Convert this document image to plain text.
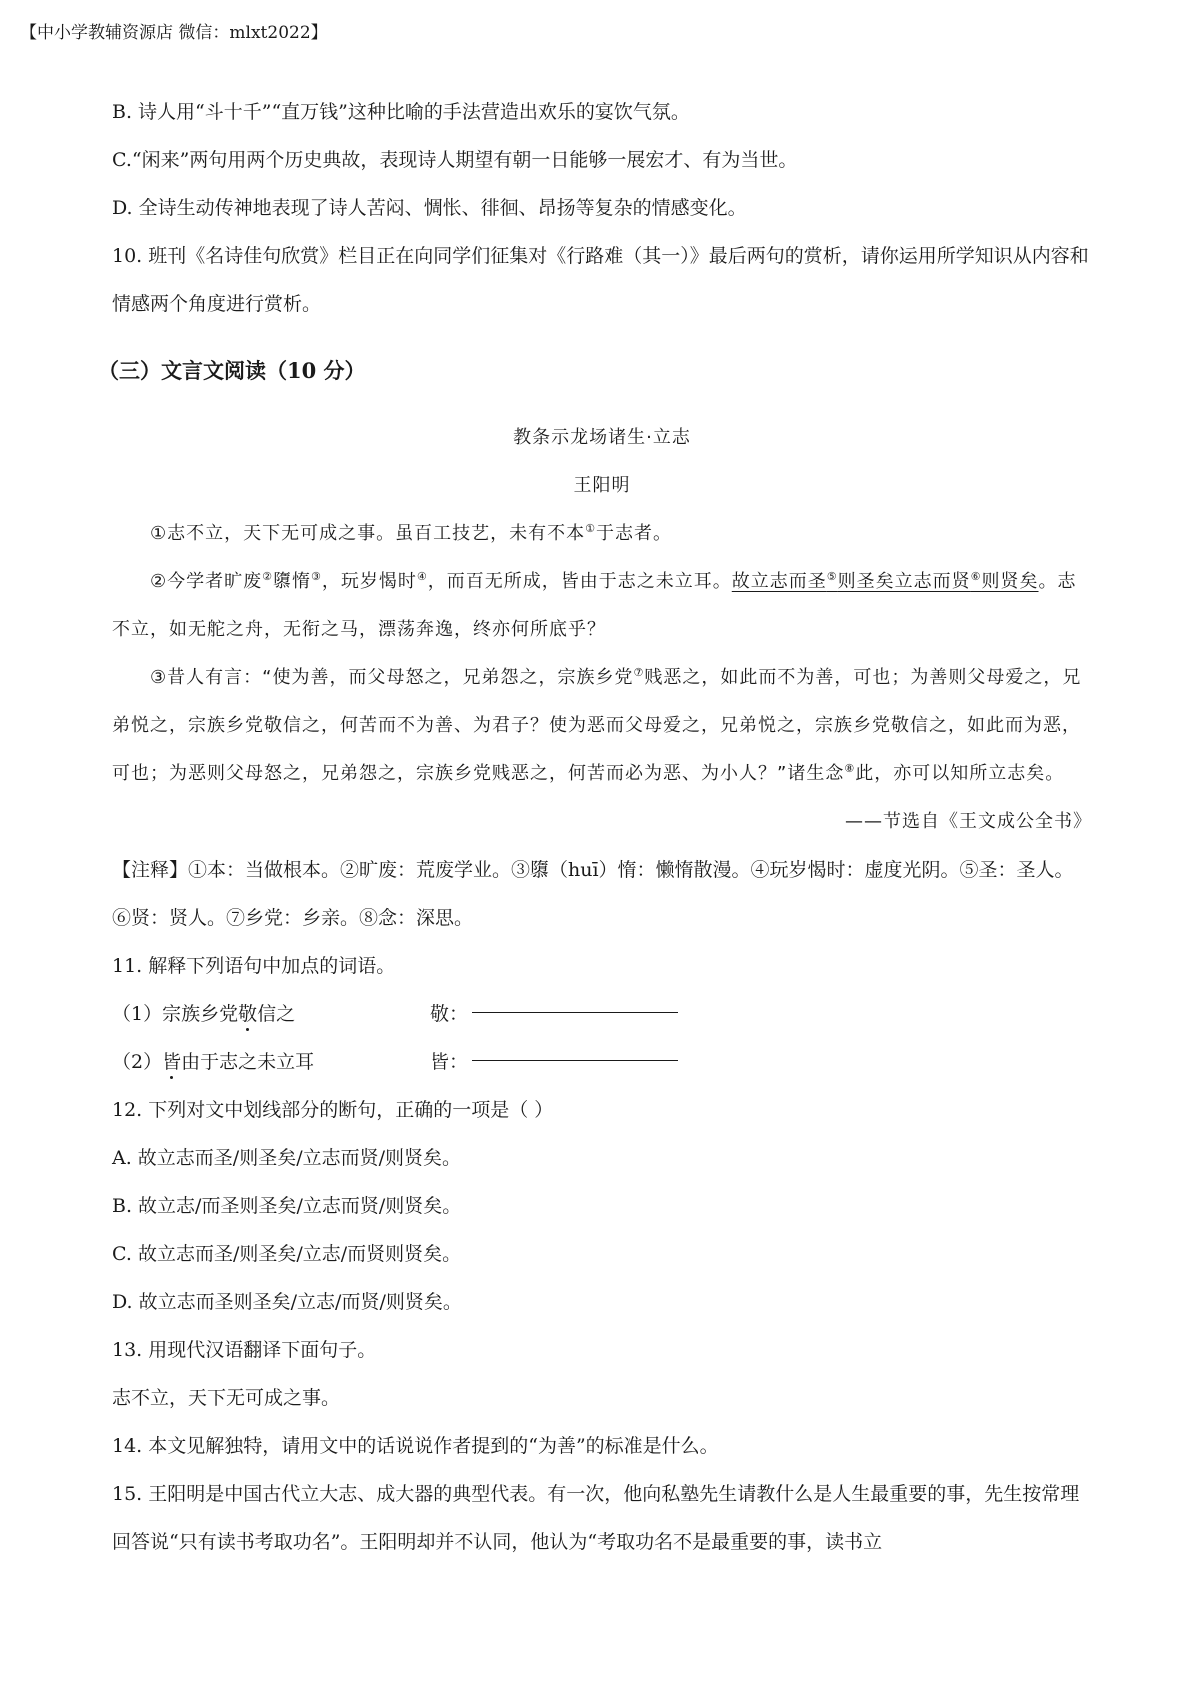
【中小学教辅资源店 微信：mlxt2022】

B. 诗人用“斗十千”“直万钱”这种比喻的手法营造出欢乐的宴饮气氛。

C.“闲来”两句用两个历史典故，表现诗人期望有朝一日能够一展宏才、有为当世。

D. 全诗生动传神地表现了诗人苦闷、惆怅、徘徊、昂扬等复杂的情感变化。

10. 班刊《名诗佳句欣赏》栏目正在向同学们征集对《行路难（其一）》最后两句的赏析，请你运用所学知识从内容和情感两个角度进行赏析。

（三）文言文阅读（10 分）

教条示龙场诸生·立志

王阳明

①志不立，天下无可成之事。虽百工技艺，未有不本①于志者。

②今学者旷废②隳惰③，玩岁愒时④，而百无所成，皆由于志之未立耳。故立志而圣⑤则圣矣立志而贤⑥则贤矣。志不立，如无舵之舟，无衔之马，漂荡奔逸，终亦何所底乎？

③昔人有言：“使为善，而父母怒之，兄弟怨之，宗族乡党⑦贱恶之，如此而不为善，可也；为善则父母爱之，兄弟悦之，宗族乡党敬信之，何苦而不为善、为君子？使为恶而父母爱之，兄弟悦之，宗族乡党敬信之，如此而为恶，可也；为恶则父母怒之，兄弟怨之，宗族乡党贱恶之，何苦而必为恶、为小人？”诸生念⑧此，亦可以知所立志矣。

——节选自《王文成公全书》

【注释】①本：当做根本。②旷废：荒废学业。③隳（huī）惰：懒惰散漫。④玩岁愒时：虚度光阴。⑤圣：圣人。⑥贤：贤人。⑦乡党：乡亲。⑧念：深思。

11. 解释下列语句中加点的词语。

（1）宗族乡党敬信之	敬：
（2）皆由于志之未立耳	皆：

12. 下列对文中划线部分的断句，正确的一项是（ ）

A. 故立志而圣/则圣矣/立志而贤/则贤矣。

B. 故立志/而圣则圣矣/立志而贤/则贤矣。

C. 故立志而圣/则圣矣/立志/而贤则贤矣。

D. 故立志而圣则圣矣/立志/而贤/则贤矣。

13. 用现代汉语翻译下面句子。

志不立，天下无可成之事。

14. 本文见解独特，请用文中的话说说作者提到的“为善”的标准是什么。

15. 王阳明是中国古代立大志、成大器的典型代表。有一次，他向私塾先生请教什么是人生最重要的事，先生按常理回答说“只有读书考取功名”。王阳明却并不认同，他认为“考取功名不是最重要的事，读书立
